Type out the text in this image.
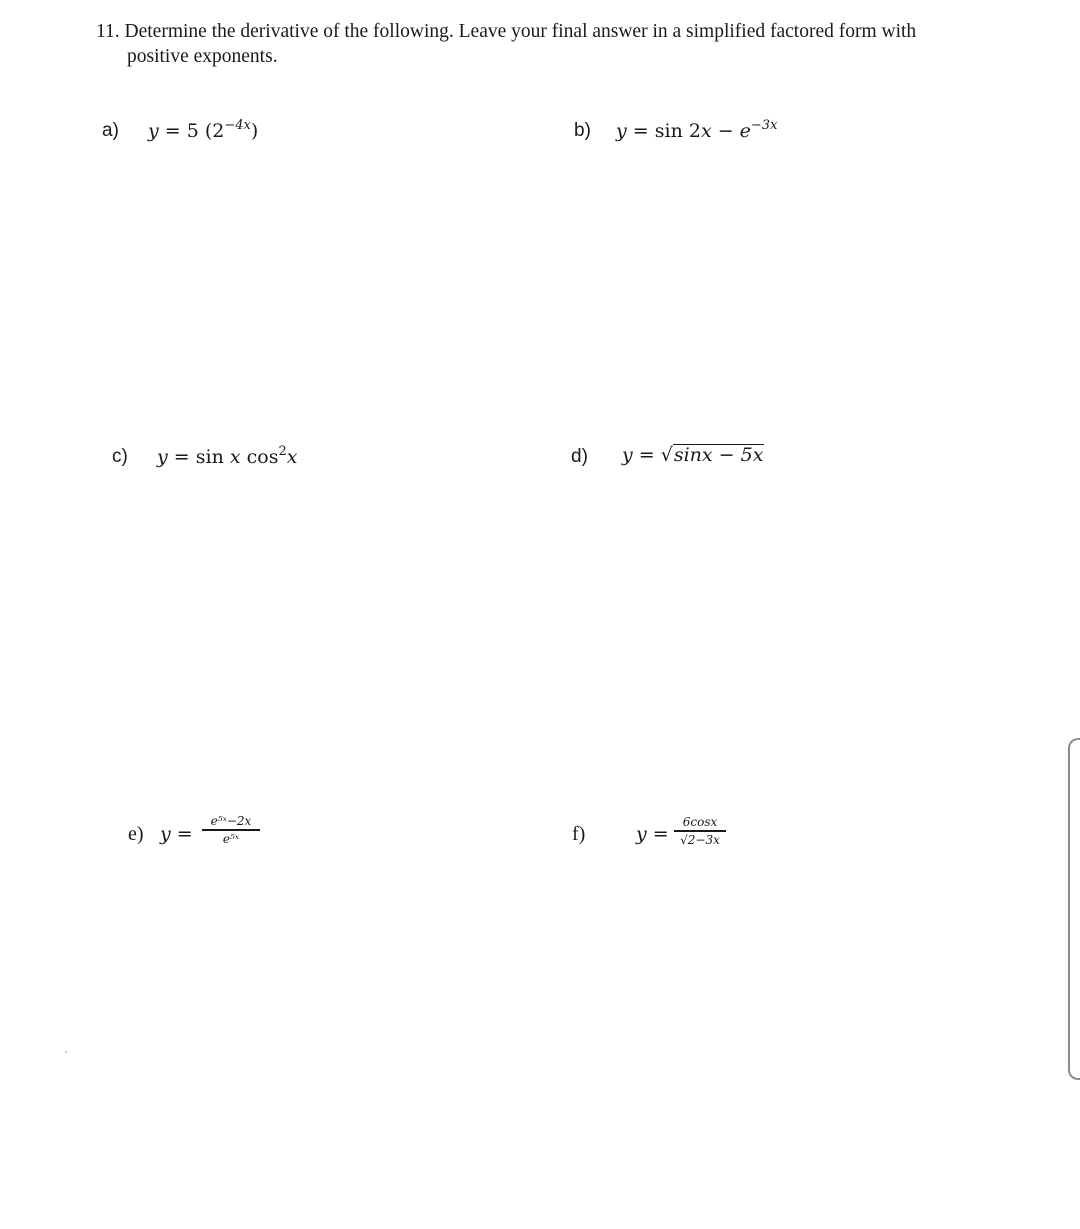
11. Determine the derivative of the following. Leave your final answer in a simplified factored form with
positive exponents.
a) y = 5 $(2^{-4x})$	b) $y = \sin 2x - e^{-3x}$
c) y = sin x $\cos^2x$	d) y = √sinx − 5x
e) y =
e⁵ˣ−2x
e⁵ˣ	f)	y =
6cosx
√2−3x
